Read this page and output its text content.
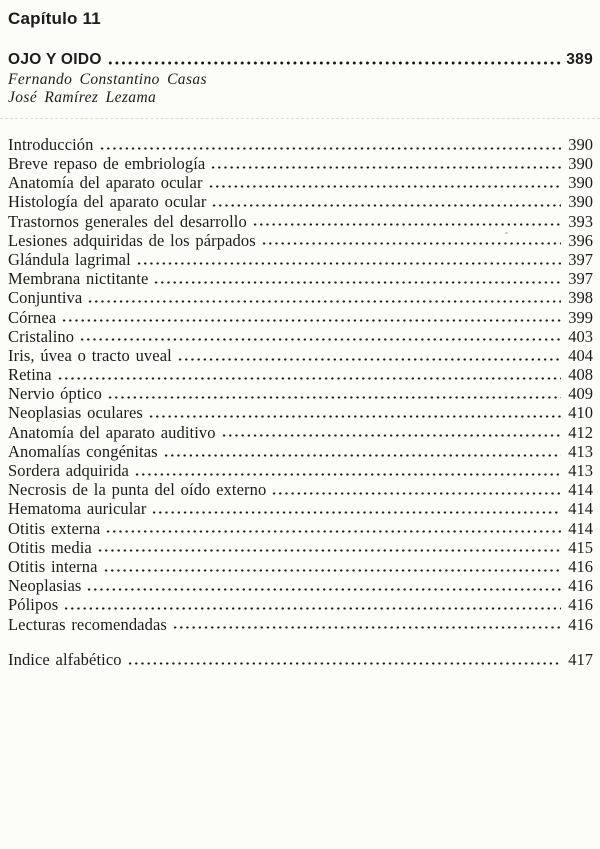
Capítulo 11
OJO Y OIDO	389
Fernando Constantino Casas
José Ramírez Lezama
Introducción	390
Breve repaso de embriología	390
Anatomía del aparato ocular	390
Histología del aparato ocular	390
Trastornos generales del desarrollo	393
Lesiones adquiridas de los párpados	396
Glándula lagrimal	397
Membrana nictitante	397
Conjuntiva	398
Córnea	399
Cristalino	403
Iris, úvea o tracto uveal	404
Retina	408
Nervio óptico	409
Neoplasias oculares	410
Anatomía del aparato auditivo	412
Anomalías congénitas	413
Sordera adquirida	413
Necrosis de la punta del oído externo	414
Hematoma auricular	414
Otitis externa	414
Otitis media	415
Otitis interna	416
Neoplasias	416
Pólipos	416
Lecturas recomendadas	416
Indice alfabético	417
